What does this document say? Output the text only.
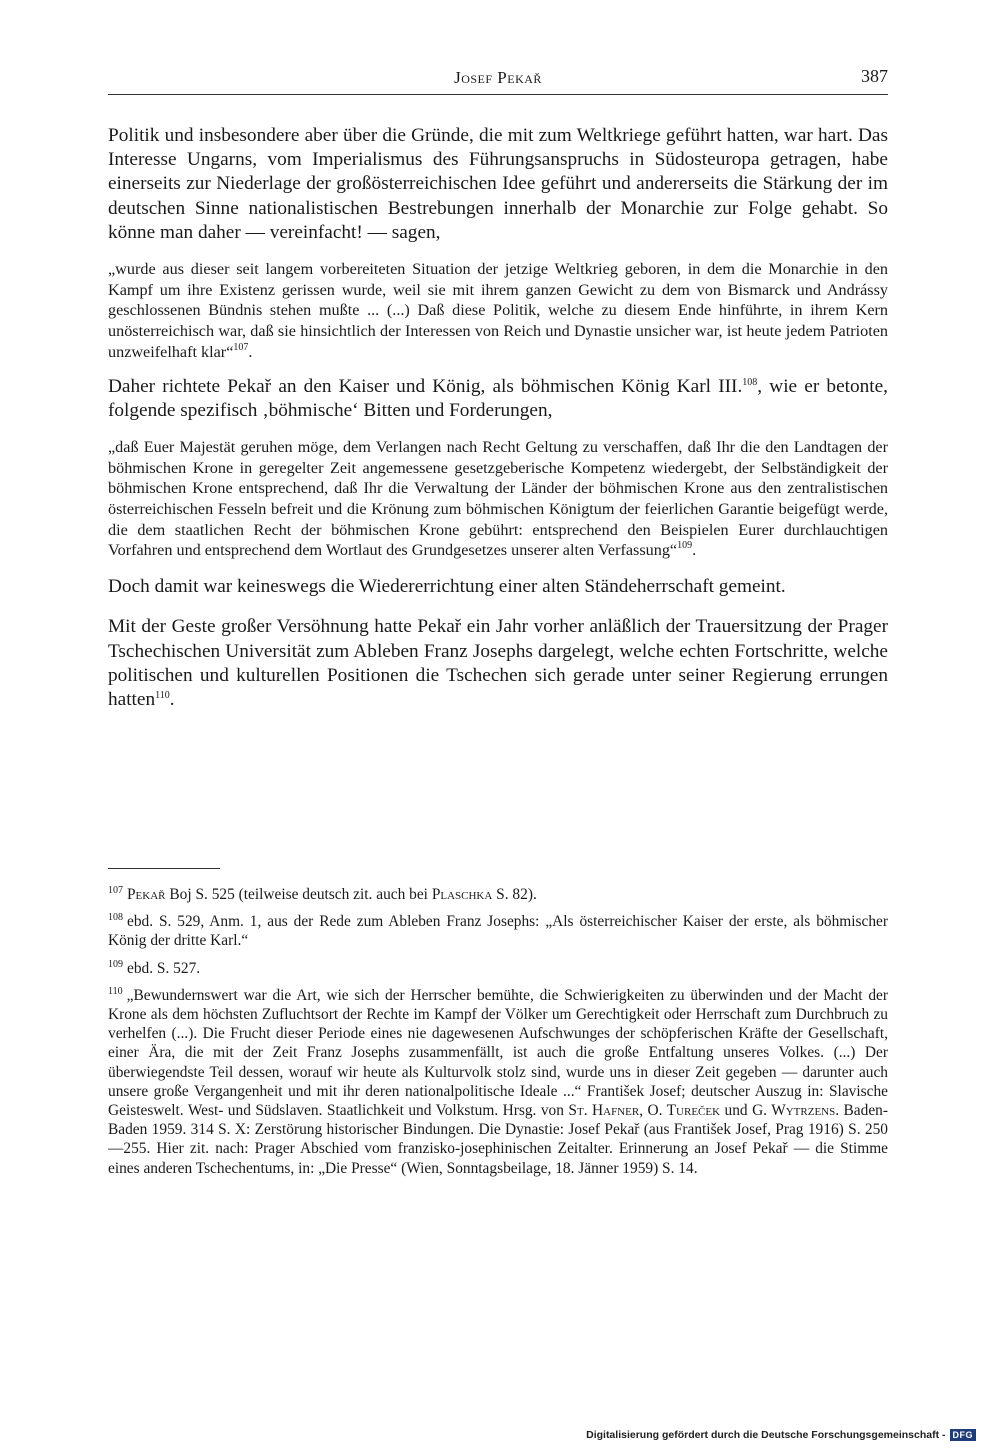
Josef Pekař	387

Politik und insbesondere aber über die Gründe, die mit zum Weltkriege geführt hatten, war hart. Das Interesse Ungarns, vom Imperialismus des Führungsanspruchs in Südosteuropa getragen, habe einerseits zur Niederlage der großösterreichischen Idee geführt und andererseits die Stärkung der im deutschen Sinne nationalistischen Bestrebungen innerhalb der Monarchie zur Folge gehabt. So könne man daher — vereinfacht! — sagen,

„wurde aus dieser seit langem vorbereiteten Situation der jetzige Weltkrieg geboren, in dem die Monarchie in den Kampf um ihre Existenz gerissen wurde, weil sie mit ihrem ganzen Gewicht zu dem von Bismarck und Andrássy geschlossenen Bündnis stehen mußte ... (...) Daß diese Politik, welche zu diesem Ende hinführte, in ihrem Kern unösterreichisch war, daß sie hinsichtlich der Interessen von Reich und Dynastie unsicher war, ist heute jedem Patrioten unzweifelhaft klar“$^{107}$.

Daher richtete Pekař an den Kaiser und König, als böhmischen König Karl III.$^{108}$, wie er betonte, folgende spezifisch ‚böhmische‘ Bitten und Forderungen,

„daß Euer Majestät geruhen möge, dem Verlangen nach Recht Geltung zu verschaffen, daß Ihr die den Landtagen der böhmischen Krone in geregelter Zeit angemessene gesetzgeberische Kompetenz wiedergebt, der Selbständigkeit der böhmischen Krone entsprechend, daß Ihr die Verwaltung der Länder der böhmischen Krone aus den zentralistischen österreichischen Fesseln befreit und die Krönung zum böhmischen Königtum der feierlichen Garantie beigefügt werde, die dem staatlichen Recht der böhmischen Krone gebührt: entsprechend den Beispielen Eurer durchlauchtigen Vorfahren und entsprechend dem Wortlaut des Grundgesetzes unserer alten Verfassung“$^{109}$.

Doch damit war keineswegs die Wiedererrichtung einer alten Ständeherrschaft gemeint.

Mit der Geste großer Versöhnung hatte Pekař ein Jahr vorher anläßlich der Trauersitzung der Prager Tschechischen Universität zum Ableben Franz Josephs dargelegt, welche echten Fortschritte, welche politischen und kulturellen Positionen die Tschechen sich gerade unter seiner Regierung errungen hatten$^{110}$.

$^{107}$ Pekař Boj S. 525 (teilweise deutsch zit. auch bei Plaschka S. 82).

$^{108}$ ebd. S. 529, Anm. 1, aus der Rede zum Ableben Franz Josephs: „Als österreichischer Kaiser der erste, als böhmischer König der dritte Karl.“

$^{109}$ ebd. S. 527.

$^{110}$ „Bewundernswert war die Art, wie sich der Herrscher bemühte, die Schwierigkeiten zu überwinden und der Macht der Krone als dem höchsten Zufluchtsort der Rechte im Kampf der Völker um Gerechtigkeit oder Herrschaft zum Durchbruch zu verhelfen (...). Die Frucht dieser Periode eines nie dagewesenen Aufschwunges der schöpferischen Kräfte der Gesellschaft, einer Ära, die mit der Zeit Franz Josephs zusammenfällt, ist auch die große Entfaltung unseres Volkes. (...) Der überwiegendste Teil dessen, worauf wir heute als Kulturvolk stolz sind, wurde uns in dieser Zeit gegeben — darunter auch unsere große Vergangenheit und mit ihr deren nationalpolitische Ideale ...“ František Josef; deutscher Auszug in: Slavische Geisteswelt. West- und Südslaven. Staatlichkeit und Volkstum. Hrsg. von St. Hafner, O. Tureček und G. Wytrzens. Baden-Baden 1959. 314 S. X: Zerstörung historischer Bindungen. Die Dynastie: Josef Pekař (aus František Josef, Prag 1916) S. 250—255. Hier zit. nach: Prager Abschied vom franzisko-josephinischen Zeitalter. Erinnerung an Josef Pekař — die Stimme eines anderen Tschechentums, in: „Die Presse“ (Wien, Sonntagsbeilage, 18. Jänner 1959) S. 14.

Digitalisierung gefördert durch die Deutsche Forschungsgemeinschaft - DFG
